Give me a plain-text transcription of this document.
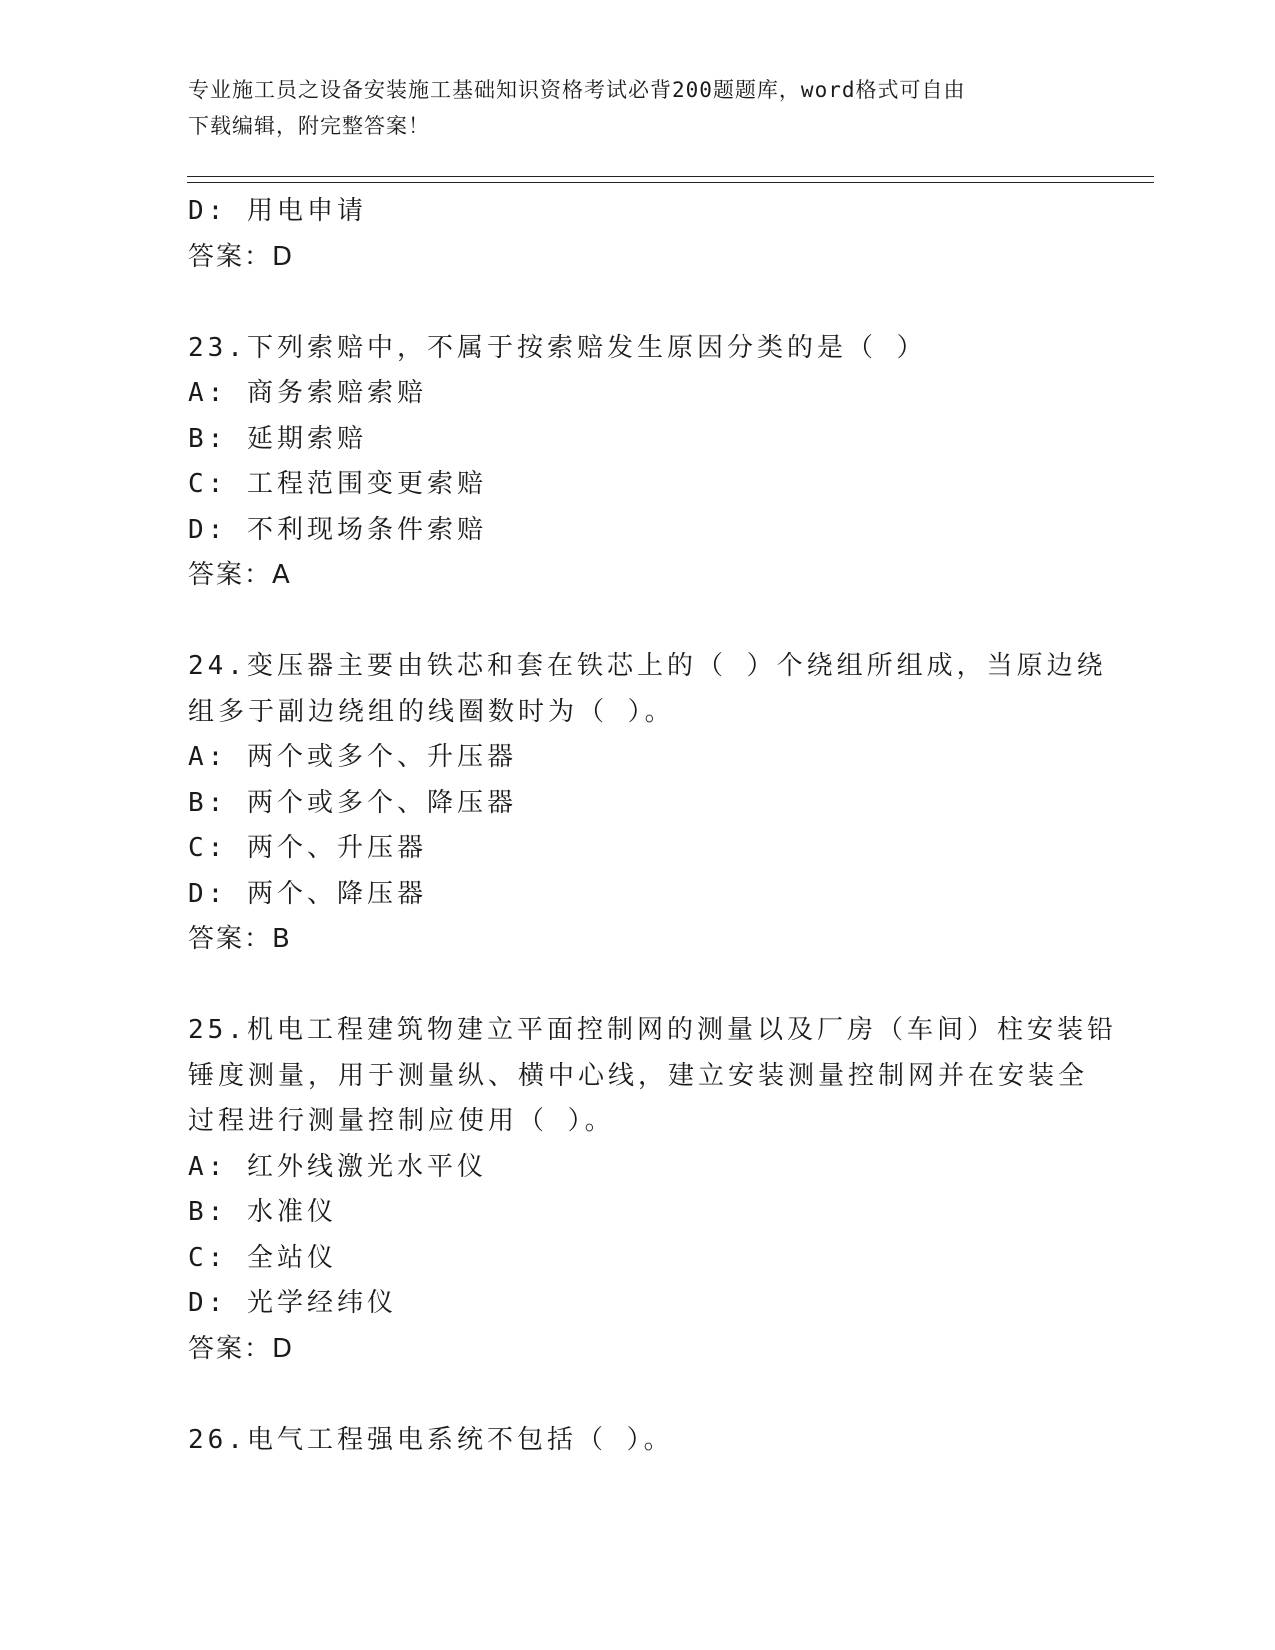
专业施工员之设备安装施工基础知识资格考试必背200题题库，word格式可自由
下载编辑，附完整答案！
D: 用电申请
答案：D
23.下列索赔中，不属于按索赔发生原因分类的是（ ）
A: 商务索赔索赔
B: 延期索赔
C: 工程范围变更索赔
D: 不利现场条件索赔
答案：A
24.变压器主要由铁芯和套在铁芯上的（ ）个绕组所组成，当原边绕
组多于副边绕组的线圈数时为（ ）。
A: 两个或多个、升压器
B: 两个或多个、降压器
C: 两个、升压器
D: 两个、降压器
答案：B
25.机电工程建筑物建立平面控制网的测量以及厂房（车间）柱安装铅
锤度测量，用于测量纵、横中心线，建立安装测量控制网并在安装全
过程进行测量控制应使用（ ）。
A: 红外线激光水平仪
B: 水准仪
C: 全站仪
D: 光学经纬仪
答案：D
26.电气工程强电系统不包括（ ）。
